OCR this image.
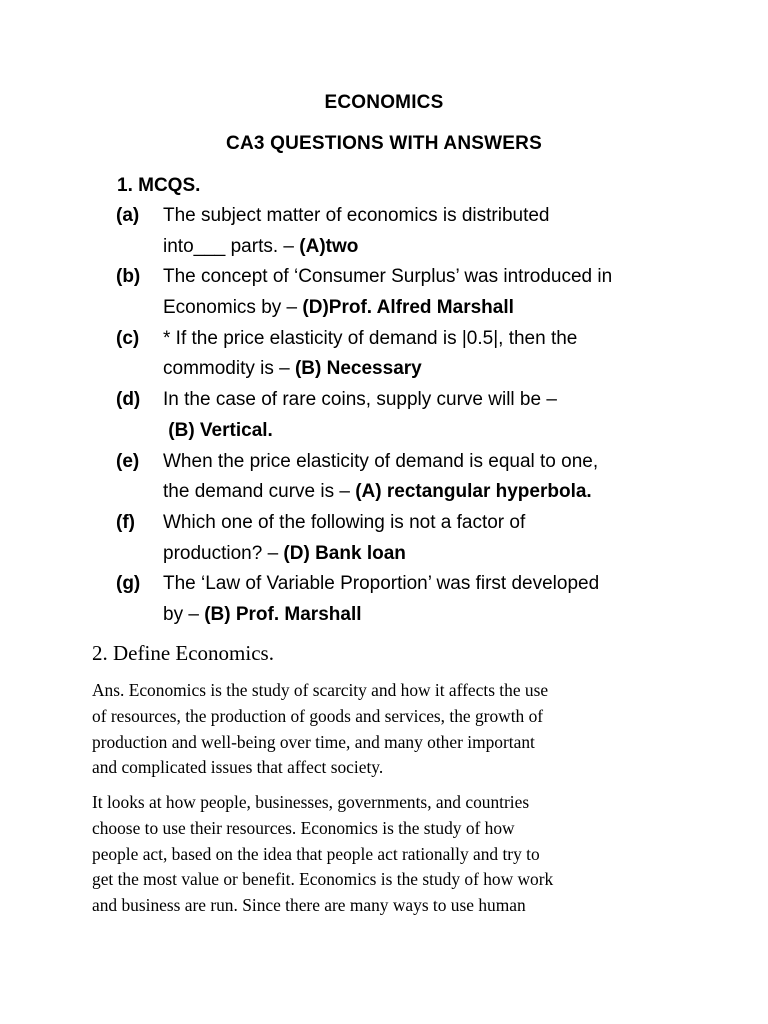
ECONOMICS
CA3 QUESTIONS WITH ANSWERS
1. MCQS.
(a)	The subject matter of economics is distributed
into___ parts. – (A)two
(b)	The concept of ‘Consumer Surplus’ was introduced in
Economics by – (D)Prof. Alfred Marshall
(c)	* If the price elasticity of demand is |0.5|, then the
commodity is – (B) Necessary
(d)	In the case of rare coins, supply curve will be –
(B) Vertical.
(e)	When the price elasticity of demand is equal to one,
the demand curve is – (A) rectangular hyperbola.
(f)	Which one of the following is not a factor of
production? – (D) Bank loan
(g)	The ‘Law of Variable Proportion’ was first developed
by – (B) Prof. Marshall
2. Define Economics.
Ans. Economics is the study of scarcity and how it affects the use
of resources, the production of goods and services, the growth of
production and well-being over time, and many other important
and complicated issues that affect society.
It looks at how people, businesses, governments, and countries
choose to use their resources. Economics is the study of how
people act, based on the idea that people act rationally and try to
get the most value or benefit. Economics is the study of how work
and business are run. Since there are many ways to use human
